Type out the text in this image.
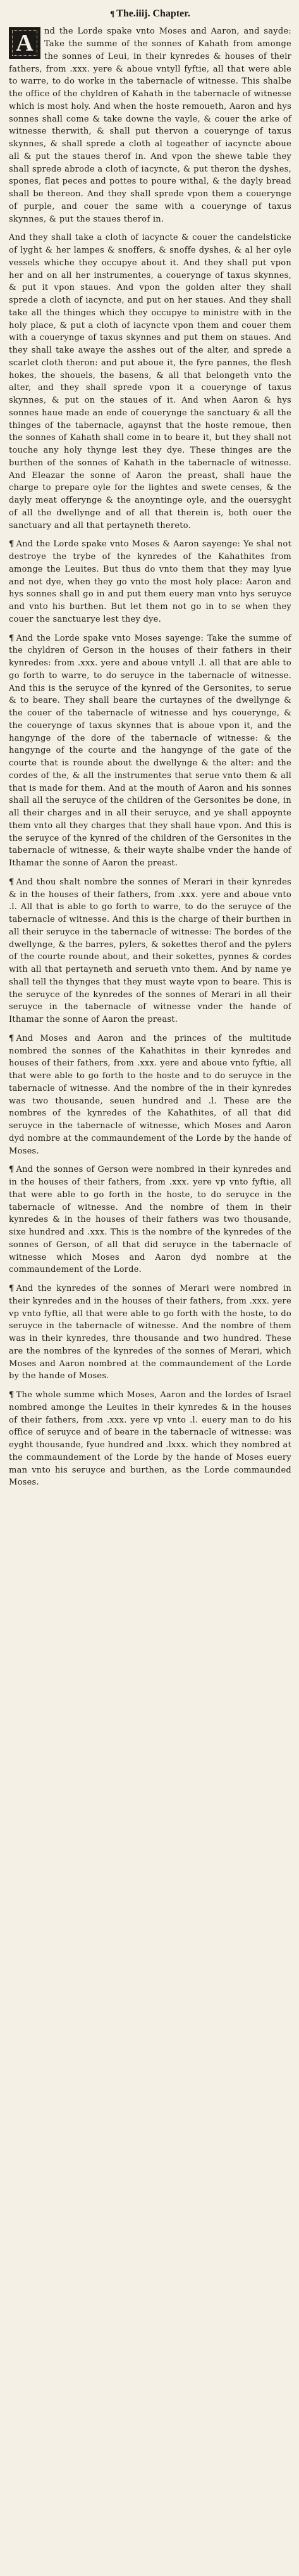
¶ The.iiij. Chapter.
A nd the Lorde spake vnto Moses and Aaron, and sayde: Take the summe of the sonnes of Kahath from amonge the sonnes of Leui, in their kynredes & houses of their fathers, from .xxx. yere & aboue vntyll fyftie, all that were able to warre, to do worke in the tabernacle of witnesse. This shalbe the office of the chyldren of Kahath in the tabernacle of witnesse which is most holy. And when the hoste remoueth, Aaron and hys sonnes shall come & take downe the vayle, & couer the arke of witnesse therwith, & shall put thervon a couerynge of taxus skynnes, & shall sprede a cloth al togeather of iacyncte aboue all & put the staues therof in. And vpon the shewe table they shall sprede abrode a cloth of iacyncte, & put theron the dyshes, spones, flat peces and pottes to poure withal, & the dayly bread shall be thereon. And they shall sprede vpon them a couerynge of purple, and couer the same with a couerynge of taxus skynnes, & put the staues therof in.

And they shall take a cloth of iacyncte & couer the candelsticke of lyght & her lampes & snoffers, & snoffe dyshes, & al her oyle vessels whiche they occupye about it. And they shall put vpon her and on all her instrumentes, a couerynge of taxus skynnes, & put it vpon staues. And vpon the golden alter they shall sprede a cloth of iacyncte, and put on her staues. And they shall take all the thinges which they occupye to ministre with in the holy place, & put a cloth of iacyncte vpon them and couer them with a couerynge of taxus skynnes and put them on staues. And they shall take awaye the asshes out of the alter, and sprede a scarlet cloth theron: and put aboue it, the fyre pannes, the flesh hokes, the shouels, the basens, & all that belongeth vnto the alter, and they shall sprede vpon it a couerynge of taxus skynnes, & put on the staues of it. And when Aaron & hys sonnes haue made an ende of couerynge the sanctuary & all the thinges of the tabernacle, agaynst that the hoste remoue, then the sonnes of Kahath shall come in to beare it, but they shall not touche any holy thynge lest they dye. These thinges are the burthen of the sonnes of Kahath in the tabernacle of witnesse. And Eleazar the sonne of Aaron the preast, shall haue the charge to prepare oyle for the lightes and swete censes, & the dayly meat offerynge & the anoyntinge oyle, and the ouersyght of all the dwellynge and of all that therein is, both ouer the sanctuary and all that pertayneth thereto.

¶ And the Lorde spake vnto Moses & Aaron sayenge: Ye shal not destroye the trybe of the kynredes of the Kahathites from amonge the Leuites. But thus do vnto them that they may lyue and not dye, when they go vnto the most holy place: Aaron and hys sonnes shall go in and put them euery man vnto hys seruyce and vnto his burthen. But let them not go in to se when they couer the sanctuarye lest they dye.

¶ And the Lorde spake vnto Moses sayenge: Take the summe of the chyldren of Gerson in the houses of their fathers in their kynredes: from .xxx. yere and aboue vntyll .l. all that are able to go forth to warre, to do seruyce in the tabernacle of witnesse. And this is the seruyce of the kynred of the Gersonites, to serue & to beare. They shall beare the curtaynes of the dwellynge & the couer of the tabernacle of witnesse and hys couerynge, & the couerynge of taxus skynnes that is aboue vpon it, and the hangynge of the dore of the tabernacle of witnesse: & the hangynge of the courte and the hangynge of the gate of the courte that is rounde about the dwellynge & the alter: and the cordes of the, & all the instrumentes that serue vnto them & all that is made for them. And at the mouth of Aaron and his sonnes shall all the seruyce of the children of the Gersonites be done, in all their charges and in all their seruyce, and ye shall appoynte them vnto all they charges that they shall haue vpon. And this is the seruyce of the kynred of the children of the Gersonites in the tabernacle of witnesse, & their wayte shalbe vnder the hande of Ithamar the sonne of Aaron the preast.

¶ And thou shalt nombre the sonnes of Merari in their kynredes & in the houses of their fathers, from .xxx. yere and aboue vnto .l. All that is able to go forth to warre, to do the seruyce of the tabernacle of witnesse. And this is the charge of their burthen in all their seruyce in the tabernacle of witnesse: The bordes of the dwellynge, & the barres, pylers, & sokettes therof and the pylers of the courte rounde about, and their sokettes, pynnes & cordes with all that pertayneth and serueth vnto them. And by name ye shall tell the thynges that they must wayte vpon to beare. This is the seruyce of the kynredes of the sonnes of Merari in all their seruyce in the tabernacle of witnesse vnder the hande of Ithamar the sonne of Aaron the preast.

¶ And Moses and Aaron and the princes of the multitude nombred the sonnes of the Kahathites in their kynredes and houses of their fathers, from .xxx. yere and aboue vnto fyftie, all that were able to go forth to the hoste and to do seruyce in the tabernacle of witnesse. And the nombre of the in their kynredes was two thousande, seuen hundred and .l. These are the nombres of the kynredes of the Kahathites, of all that did seruyce in the tabernacle of witnesse, which Moses and Aaron dyd nombre at the commaundement of the Lorde by the hande of Moses.

¶ And the sonnes of Gerson were nombred in their kynredes and in the houses of their fathers, from .xxx. yere vp vnto fyftie, all that were able to go forth in the hoste, to do seruyce in the tabernacle of witnesse. And the nombre of them in their kynredes & in the houses of their fathers was two thousande, sixe hundred and .xxx. This is the nombre of the kynredes of the sonnes of Gerson, of all that did seruyce in the tabernacle of witnesse which Moses and Aaron dyd nombre at the commaundement of the Lorde.

¶ And the kynredes of the sonnes of Merari were nombred in their kynredes and in the houses of their fathers, from .xxx. yere vp vnto fyftie, all that were able to go forth with the hoste, to do seruyce in the tabernacle of witnesse. And the nombre of them was in their kynredes, thre thousande and two hundred. These are the nombres of the kynredes of the sonnes of Merari, which Moses and Aaron nombred at the commaundement of the Lorde by the hande of Moses.

¶ The whole summe which Moses, Aaron and the lordes of Israel nombred amonge the Leuites in their kynredes & in the houses of their fathers, from .xxx. yere vp vnto .l. euery man to do his office of seruyce and of beare in the tabernacle of witnesse: was eyght thousande, fyue hundred and .lxxx. which they nombred at the commaundement of the Lorde by the hande of Moses euery man vnto his seruyce and burthen, as the Lorde commaunded Moses.
